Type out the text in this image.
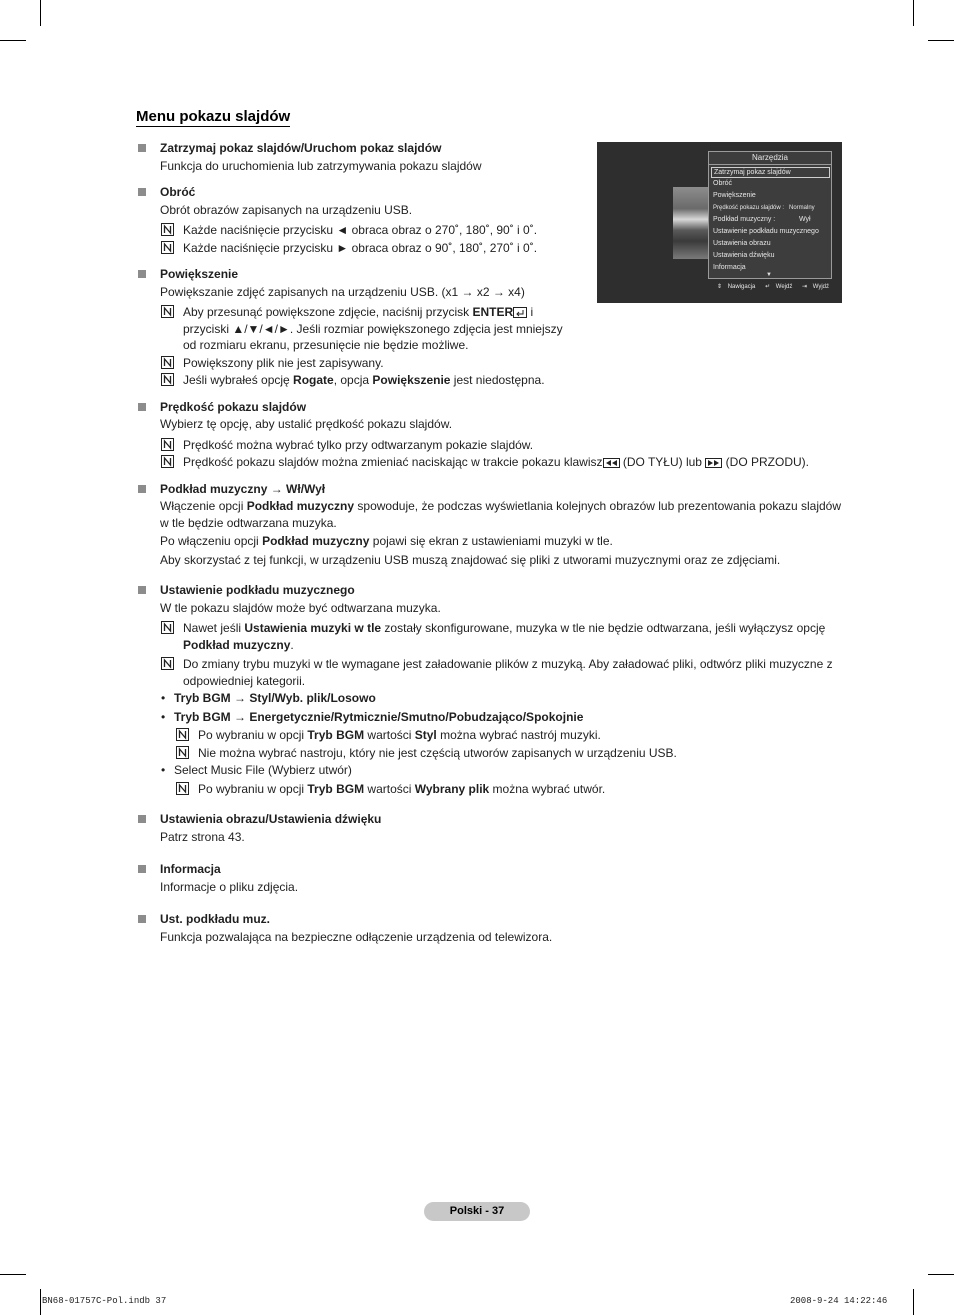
Menu pokazu slajdów
Narzędzia
Zatrzymaj pokaz slajdów
Obróć
Powiększenie
Prędkość pokazu slajdów : Normalny
Podkład muzyczny :	Wył
Ustawienie podkładu muzycznego
Ustawienia obrazu
Ustawienia dźwięku
Informacja
▼
⇕ Nawigacja ↵ Wejdź ⇥ Wyjdź

Zatrzymaj pokaz slajdów/Uruchom pokaz slajdów

Funkcja do uruchomienia lub zatrzymywania pokazu slajdów

Obróć

Obrót obrazów zapisanych na urządzeniu USB.

Każde naciśnięcie przycisku ◄ obraca obraz o 270˚, 180˚, 90˚ i 0˚.

Każde naciśnięcie przycisku ► obraca obraz o 90˚, 180˚, 270˚ i 0˚.

Powiększenie

Powiększanie zdjęć zapisanych na urządzeniu USB. (x1 → x2 → x4)

Aby przesunąć powiększone zdjęcie, naciśnij przycisk ENTER i przyciski ▲/▼/◄/►. Jeśli rozmiar powiększonego zdjęcia jest mniejszy od rozmiaru ekranu, przesunięcie nie będzie możliwe.

Powiększony plik nie jest zapisywany.

Jeśli wybrałeś opcję Rogate, opcja Powiększenie jest niedostępna.

Prędkość pokazu slajdów

Wybierz tę opcję, aby ustalić prędkość pokazu slajdów.

Prędkość można wybrać tylko przy odtwarzanym pokazie slajdów.

Prędkość pokazu slajdów można zmieniać naciskając w trakcie pokazu klawisz (DO TYŁU) lub  (DO PRZODU).

Podkład muzyczny → Wł/Wył

Włączenie opcji Podkład muzyczny spowoduje, że podczas wyświetlania kolejnych obrazów lub prezentowania pokazu slajdów w tle będzie odtwarzana muzyka.

Po włączeniu opcji Podkład muzyczny pojawi się ekran z ustawieniami muzyki w tle.

Aby skorzystać z tej funkcji, w urządzeniu USB muszą znajdować się pliki z utworami muzycznymi oraz ze zdjęciami.

Ustawienie podkładu muzycznego

W tle pokazu slajdów może być odtwarzana muzyka.

Nawet jeśli Ustawienia muzyki w tle zostały skonfigurowane, muzyka w tle nie będzie odtwarzana, jeśli wyłączysz opcję Podkład muzyczny.

Do zmiany trybu muzyki w tle wymagane jest załadowanie plików z muzyką. Aby załadować pliki, odtwórz pliki muzyczne z odpowiedniej kategorii.

• Tryb BGM → Styl/Wyb. plik/Losowo

• Tryb BGM → Energetycznie/Rytmicznie/Smutno/Pobudzająco/Spokojnie

Po wybraniu w opcji Tryb BGM wartości Styl można wybrać nastrój muzyki.

Nie można wybrać nastroju, który nie jest częścią utworów zapisanych w urządzeniu USB.

• Select Music File (Wybierz utwór)

Po wybraniu w opcji Tryb BGM wartości Wybrany plik można wybrać utwór.

Ustawienia obrazu/Ustawienia dźwięku

Patrz strona 43.

Informacja

Informacje o pliku zdjęcia.

Ust. podkładu muz.

Funkcja pozwalająca na bezpieczne odłączenie urządzenia od telewizora.

Polski - 37
BN68-01757C-Pol.indb 37	2008-9-24 14:22:46
